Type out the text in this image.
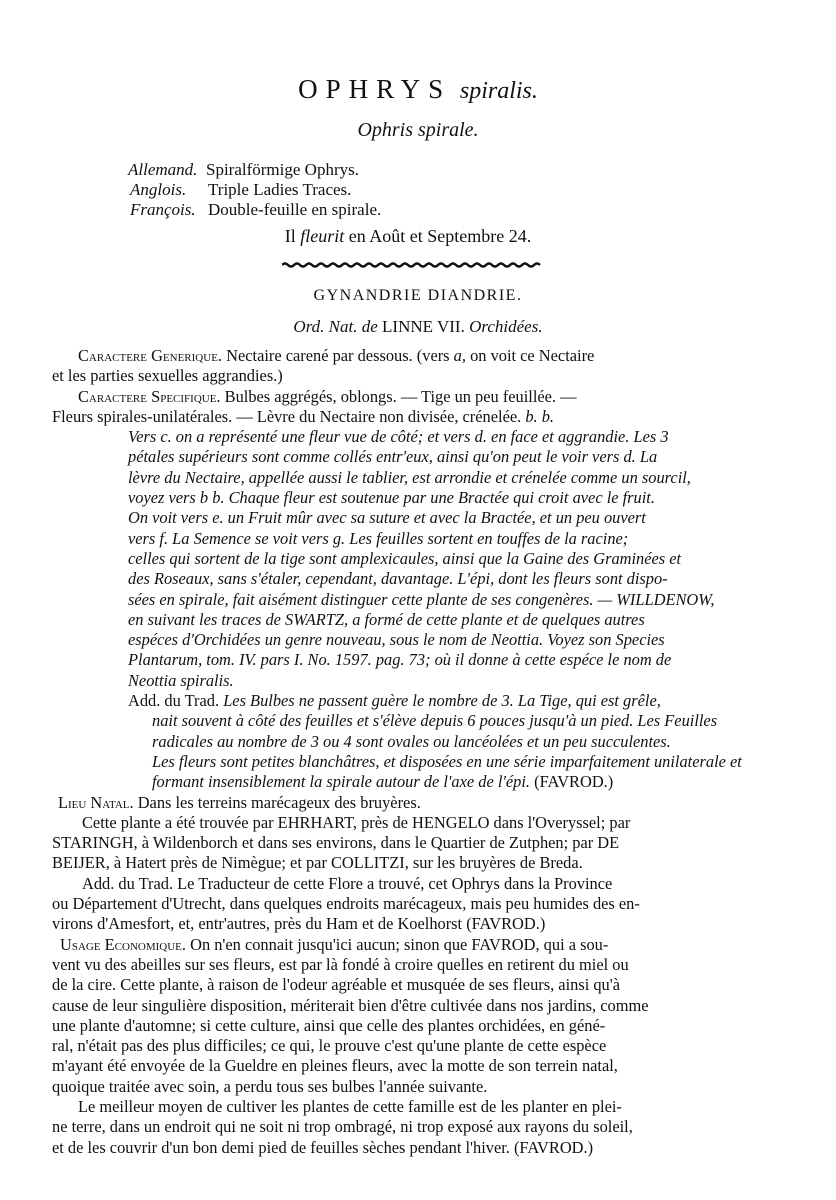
OPHRYS spiralis.
Ophris spirale.
Allemand. Spiralförmige Ophrys.
Anglois. Triple Ladies Traces.
François. Double-feuille en spirale.
Il fleurit en Août et Septembre 24.
GYNANDRIE DIANDRIE.
Ord. Nat. de LINNE VII. Orchidées.

Caractere Generique. Nectaire carené par dessous. (vers a, on voit ce Nectaire

et les parties sexuelles aggrandies.)

Caractere Specifique. Bulbes aggrégés, oblongs. — Tige un peu feuillée. —

Fleurs spirales-unilatérales. — Lèvre du Nectaire non divisée, crénelée. b. b.

Vers c. on a représenté une fleur vue de côté; et vers d. en face et aggrandie. Les 3

pétales supérieurs sont comme collés entr'eux, ainsi qu'on peut le voir vers d. La

lèvre du Nectaire, appellée aussi le tablier, est arrondie et crénelée comme un sourcil,

voyez vers b b. Chaque fleur est soutenue par une Bractée qui croit avec le fruit.

On voit vers e. un Fruit mûr avec sa suture et avec la Bractée, et un peu ouvert

vers f. La Semence se voit vers g. Les feuilles sortent en touffes de la racine;

celles qui sortent de la tige sont amplexicaules, ainsi que la Gaine des Graminées et

des Roseaux, sans s'étaler, cependant, davantage. L'épi, dont les fleurs sont dispo-

sées en spirale, fait aisément distinguer cette plante de ses congenères. — WILLDENOW,

en suivant les traces de SWARTZ, a formé de cette plante et de quelques autres

espéces d'Orchidées un genre nouveau, sous le nom de Neottia. Voyez son Species

Plantarum, tom. IV. pars I. No. 1597. pag. 73; où il donne à cette espéce le nom de

Neottia spiralis.

Add. du Trad. Les Bulbes ne passent guère le nombre de 3. La Tige, qui est grêle,

nait souvent à côté des feuilles et s'élève depuis 6 pouces jusqu'à un pied. Les Feuilles

radicales au nombre de 3 ou 4 sont ovales ou lancéolées et un peu succulentes.

Les fleurs sont petites blanchâtres, et disposées en une série imparfaitement unilaterale et

formant insensiblement la spirale autour de l'axe de l'épi. (FAVROD.)

Lieu Natal. Dans les terreins marécageux des bruyères.

Cette plante a été trouvée par EHRHART, près de HENGELO dans l'Overyssel; par

STARINGH, à Wildenborch et dans ses environs, dans le Quartier de Zutphen; par DE

BEIJER, à Hatert près de Nimègue; et par COLLITZI, sur les bruyères de Breda.

Add. du Trad. Le Traducteur de cette Flore a trouvé, cet Ophrys dans la Province

ou Département d'Utrecht, dans quelques endroits marécageux, mais peu humides des en-

virons d'Amesfort, et, entr'autres, près du Ham et de Koelhorst (FAVROD.)

Usage Economique. On n'en connait jusqu'ici aucun; sinon que FAVROD, qui a sou-

vent vu des abeilles sur ses fleurs, est par là fondé à croire quelles en retirent du miel ou

de la cire. Cette plante, à raison de l'odeur agréable et musquée de ses fleurs, ainsi qu'à

cause de leur singulière disposition, mériterait bien d'être cultivée dans nos jardins, comme

une plante d'automne; si cette culture, ainsi que celle des plantes orchidées, en géné-

ral, n'était pas des plus difficiles; ce qui, le prouve c'est qu'une plante de cette espèce

m'ayant été envoyée de la Gueldre en pleines fleurs, avec la motte de son terrein natal,

quoique traitée avec soin, a perdu tous ses bulbes l'année suivante.

Le meilleur moyen de cultiver les plantes de cette famille est de les planter en plei-

ne terre, dans un endroit qui ne soit ni trop ombragé, ni trop exposé aux rayons du soleil,

et de les couvrir d'un bon demi pied de feuilles sèches pendant l'hiver. (FAVROD.)
